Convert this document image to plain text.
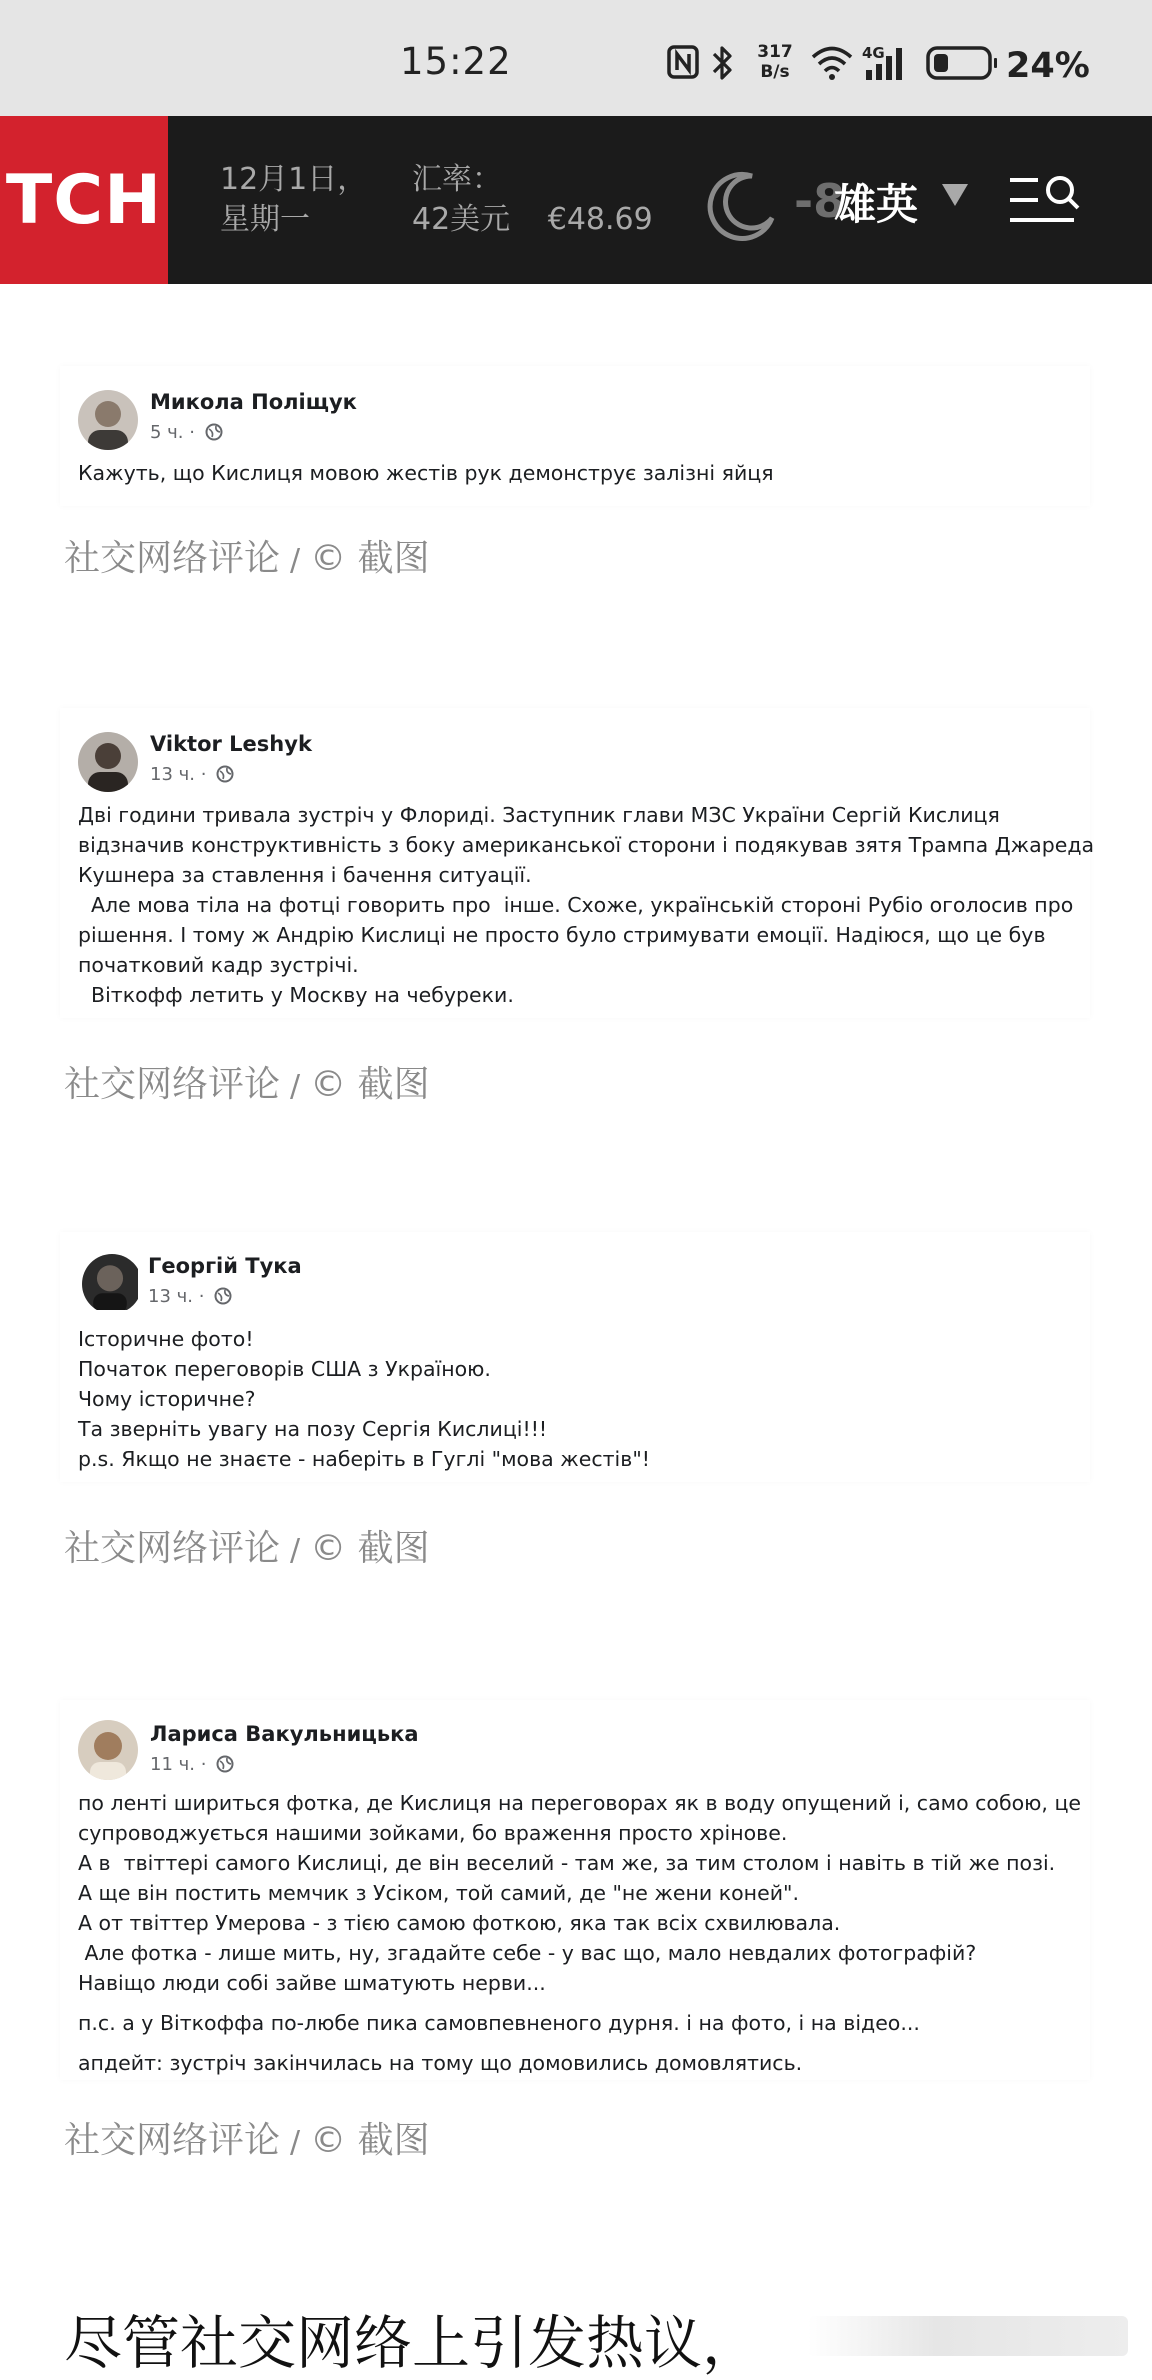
15:22	317
B/s
4G	24%
ТСН 12月1日，
星期一
汇率：
42美元 €48.69	-8
雄英
Микола Поліщук
5 ч. ·

Кажуть, що Кислиця мовою жестів рук демонструє залізні яйця

社交网络评论 / © 截图
Viktor Leshyk
13 ч. ·

Дві години тривала зустріч у Флориді. Заступник глави МЗС України Сергій Кислиця

відзначив конструктивність з боку американської сторони і подякував зятя Трампа Джареда

Кушнера за ставлення і бачення ситуації.

Але мова тіла на фотці говорить про  інше. Схоже, українській стороні Рубіо оголосив про

рішення. І тому ж Андрію Кислиці не просто було стримувати емоції. Надіюся, що це був

початковий кадр зустрічі.

Віткофф летить у Москву на чебуреки.

社交网络评论 / © 截图
Георгій Тука
13 ч. ·

Історичне фото!

Початок переговорів США з Україною.

Чому історичне?

Та зверніть увагу на позу Сергія Кислиці!!!

p.s. Якщо не знаєте - наберіть в Гуглі "мова жестів"!

社交网络评论 / © 截图
Лариса Вакульницька
11 ч. ·

по ленті шириться фотка, де Кислиця на переговорах як в воду опущений і, само собою, це

супроводжується нашими зойками, бо враження просто хрінове.

А в  твіттері самого Кислиці, де він веселий - там же, за тим столом і навіть в тій же позі.

А ще він постить мемчик з Усіком, той самий, де "не жени коней".

А от твіттер Умерова - з тією самою фоткою, яка так всіх схвилювала.

Але фотка - лише мить, ну, згадайте себе - у вас що, мало невдалих фотографій?

Навіщо люди собі зайве шматують нерви...

п.с. а у Віткоффа по-любе пика самовпевненого дурня. і на фото, і на відео...

апдейт: зустріч закінчилась на тому що домовились домовлятись.

社交网络评论 / © 截图
尽管社交网络上引发热议，
